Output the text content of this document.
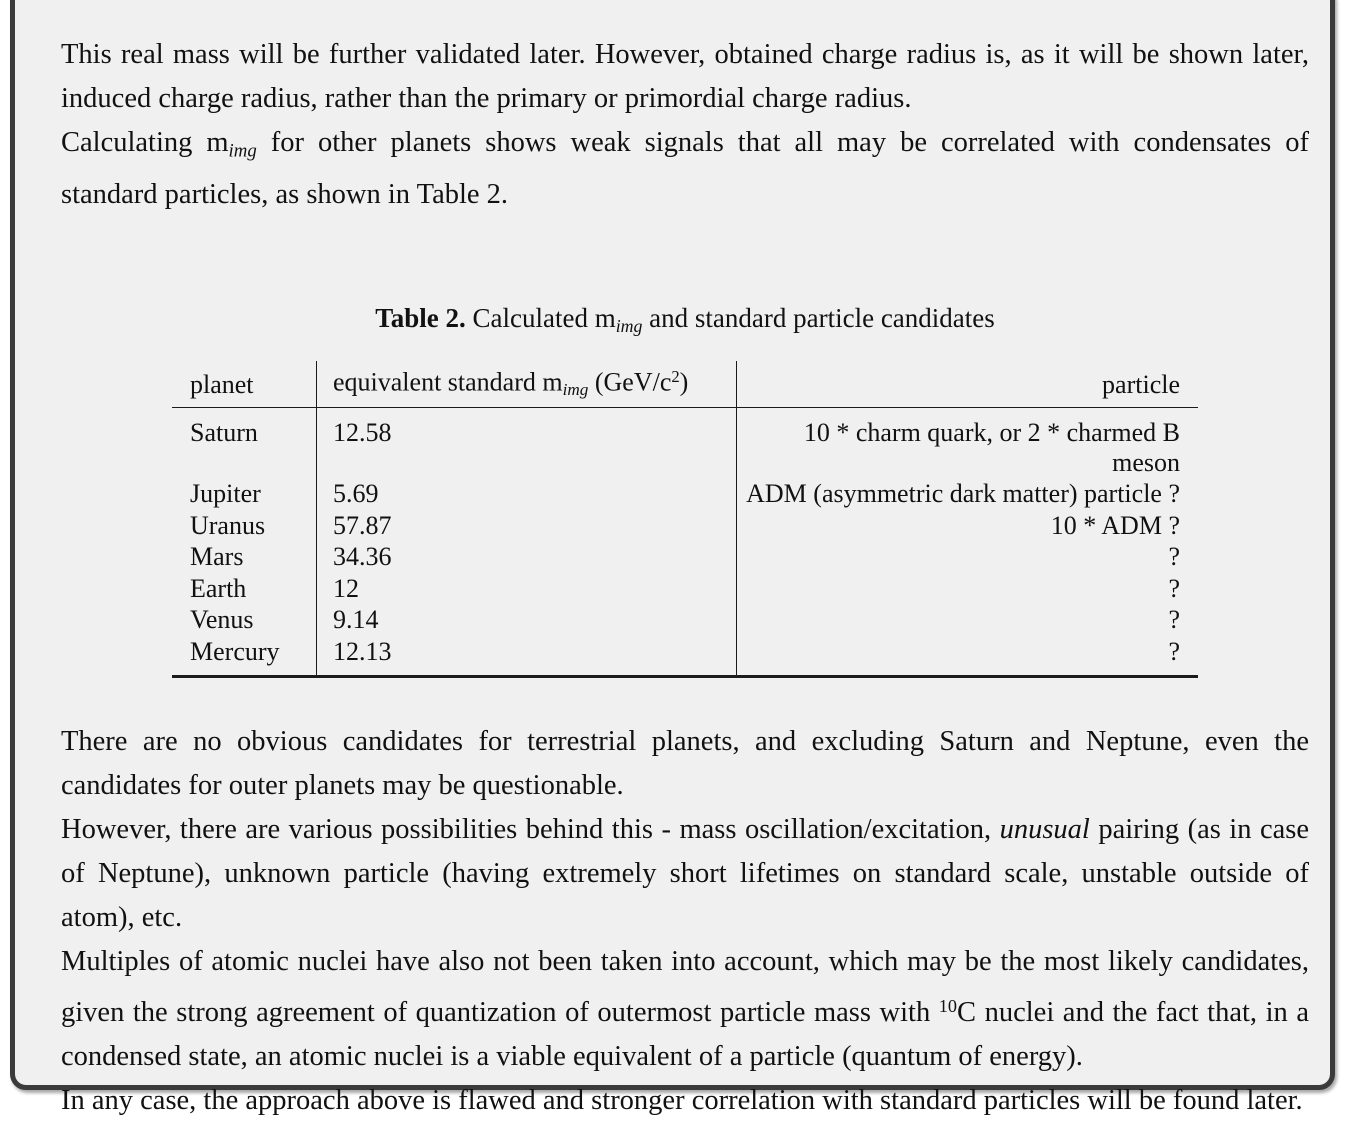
This real mass will be further validated later. However, obtained charge radius is, as it will be shown later, induced charge radius, rather than the primary or primordial charge radius.

Calculating $m_{img}$ for other planets shows weak signals that all may be correlated with condensates of standard particles, as shown in Table 2.

Table 2. Calculated $m_{img}$ and standard particle candidates
planet	equivalent standard $m_{img}$ $(GeV/c^2)$	particle
Saturn	12.58	10 * charm quark, or 2 * charmed B meson
Jupiter	5.69	ADM (asymmetric dark matter) particle ?
Uranus	57.87	10 * ADM ?
Mars	34.36	?
Earth	12	?
Venus	9.14	?
Mercury	12.13	?

There are no obvious candidates for terrestrial planets, and excluding Saturn and Neptune, even the candidates for outer planets may be questionable.

However, there are various possibilities behind this - mass oscillation/excitation, unusual pairing (as in case of Neptune), unknown particle (having extremely short lifetimes on standard scale, unstable outside of atom), etc.

Multiples of atomic nuclei have also not been taken into account, which may be the most likely candidates, given the strong agreement of quantization of outermost particle mass with $^{10}$C nuclei and the fact that, in a condensed state, an atomic nuclei is a viable equivalent of a particle (quantum of energy).

In any case, the approach above is flawed and stronger correlation with standard particles will be found later.
